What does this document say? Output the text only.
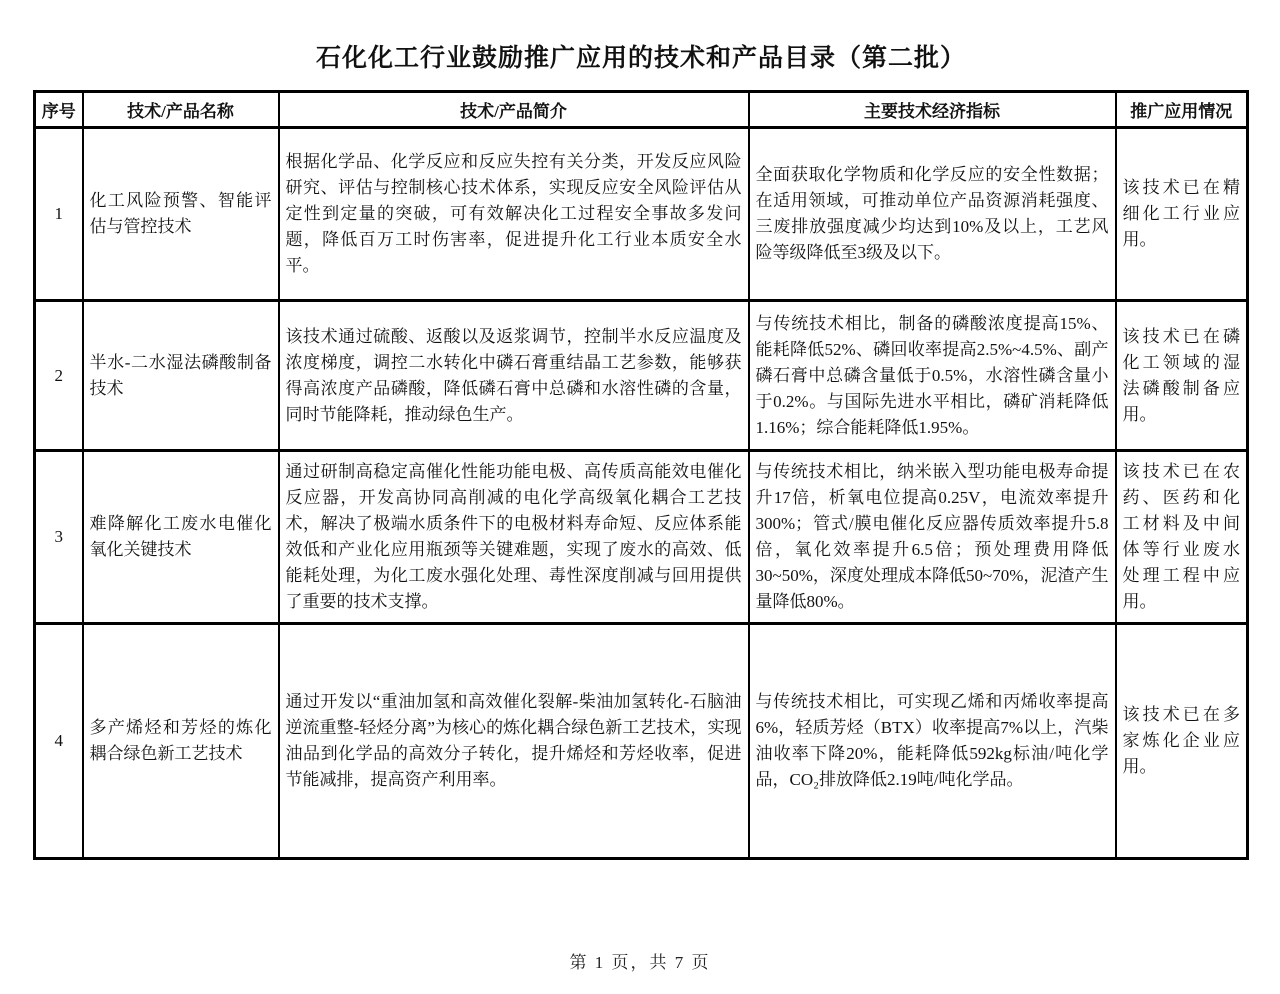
石化化工行业鼓励推广应用的技术和产品目录（第二批）
序号	技术/产品名称	技术/产品简介	主要技术经济指标	推广应用情况
1	化工风险预警、智能评估与管控技术	根据化学品、化学反应和反应失控有关分类，开发反应风险研究、评估与控制核心技术体系，实现反应安全风险评估从定性到定量的突破，可有效解决化工过程安全事故多发问题，降低百万工时伤害率，促进提升化工行业本质安全水平。	全面获取化学物质和化学反应的安全性数据；在适用领域，可推动单位产品资源消耗强度、三废排放强度减少均达到10%及以上，工艺风险等级降低至3级及以下。	该技术已在精细化工行业应用。
2	半水-二水湿法磷酸制备技术	该技术通过硫酸、返酸以及返浆调节，控制半水反应温度及浓度梯度，调控二水转化中磷石膏重结晶工艺参数，能够获得高浓度产品磷酸，降低磷石膏中总磷和水溶性磷的含量，同时节能降耗，推动绿色生产。	与传统技术相比，制备的磷酸浓度提高15%、能耗降低52%、磷回收率提高2.5%~4.5%、副产磷石膏中总磷含量低于0.5%，水溶性磷含量小于0.2%。与国际先进水平相比，磷矿消耗降低1.16%；综合能耗降低1.95%。	该技术已在磷化工领域的湿法磷酸制备应用。
3	难降解化工废水电催化氧化关键技术	通过研制高稳定高催化性能功能电极、高传质高能效电催化反应器，开发高协同高削减的电化学高级氧化耦合工艺技术，解决了极端水质条件下的电极材料寿命短、反应体系能效低和产业化应用瓶颈等关键难题，实现了废水的高效、低能耗处理，为化工废水强化处理、毒性深度削减与回用提供了重要的技术支撑。	与传统技术相比，纳米嵌入型功能电极寿命提升17倍，析氧电位提高0.25V，电流效率提升300%；管式/膜电催化反应器传质效率提升5.8倍，氧化效率提升6.5倍；预处理费用降低30~50%，深度处理成本降低50~70%，泥渣产生量降低80%。	该技术已在农药、医药和化工材料及中间体等行业废水处理工程中应用。
4	多产烯烃和芳烃的炼化耦合绿色新工艺技术	通过开发以“重油加氢和高效催化裂解-柴油加氢转化-石脑油逆流重整-轻烃分离”为核心的炼化耦合绿色新工艺技术，实现油品到化学品的高效分子转化，提升烯烃和芳烃收率，促进节能减排，提高资产利用率。	与传统技术相比，可实现乙烯和丙烯收率提高6%，轻质芳烃（BTX）收率提高7%以上，汽柴油收率下降20%，能耗降低592kg标油/吨化学品，CO₂排放降低2.19吨/吨化学品。	该技术已在多家炼化企业应用。
第 1 页，共 7 页
